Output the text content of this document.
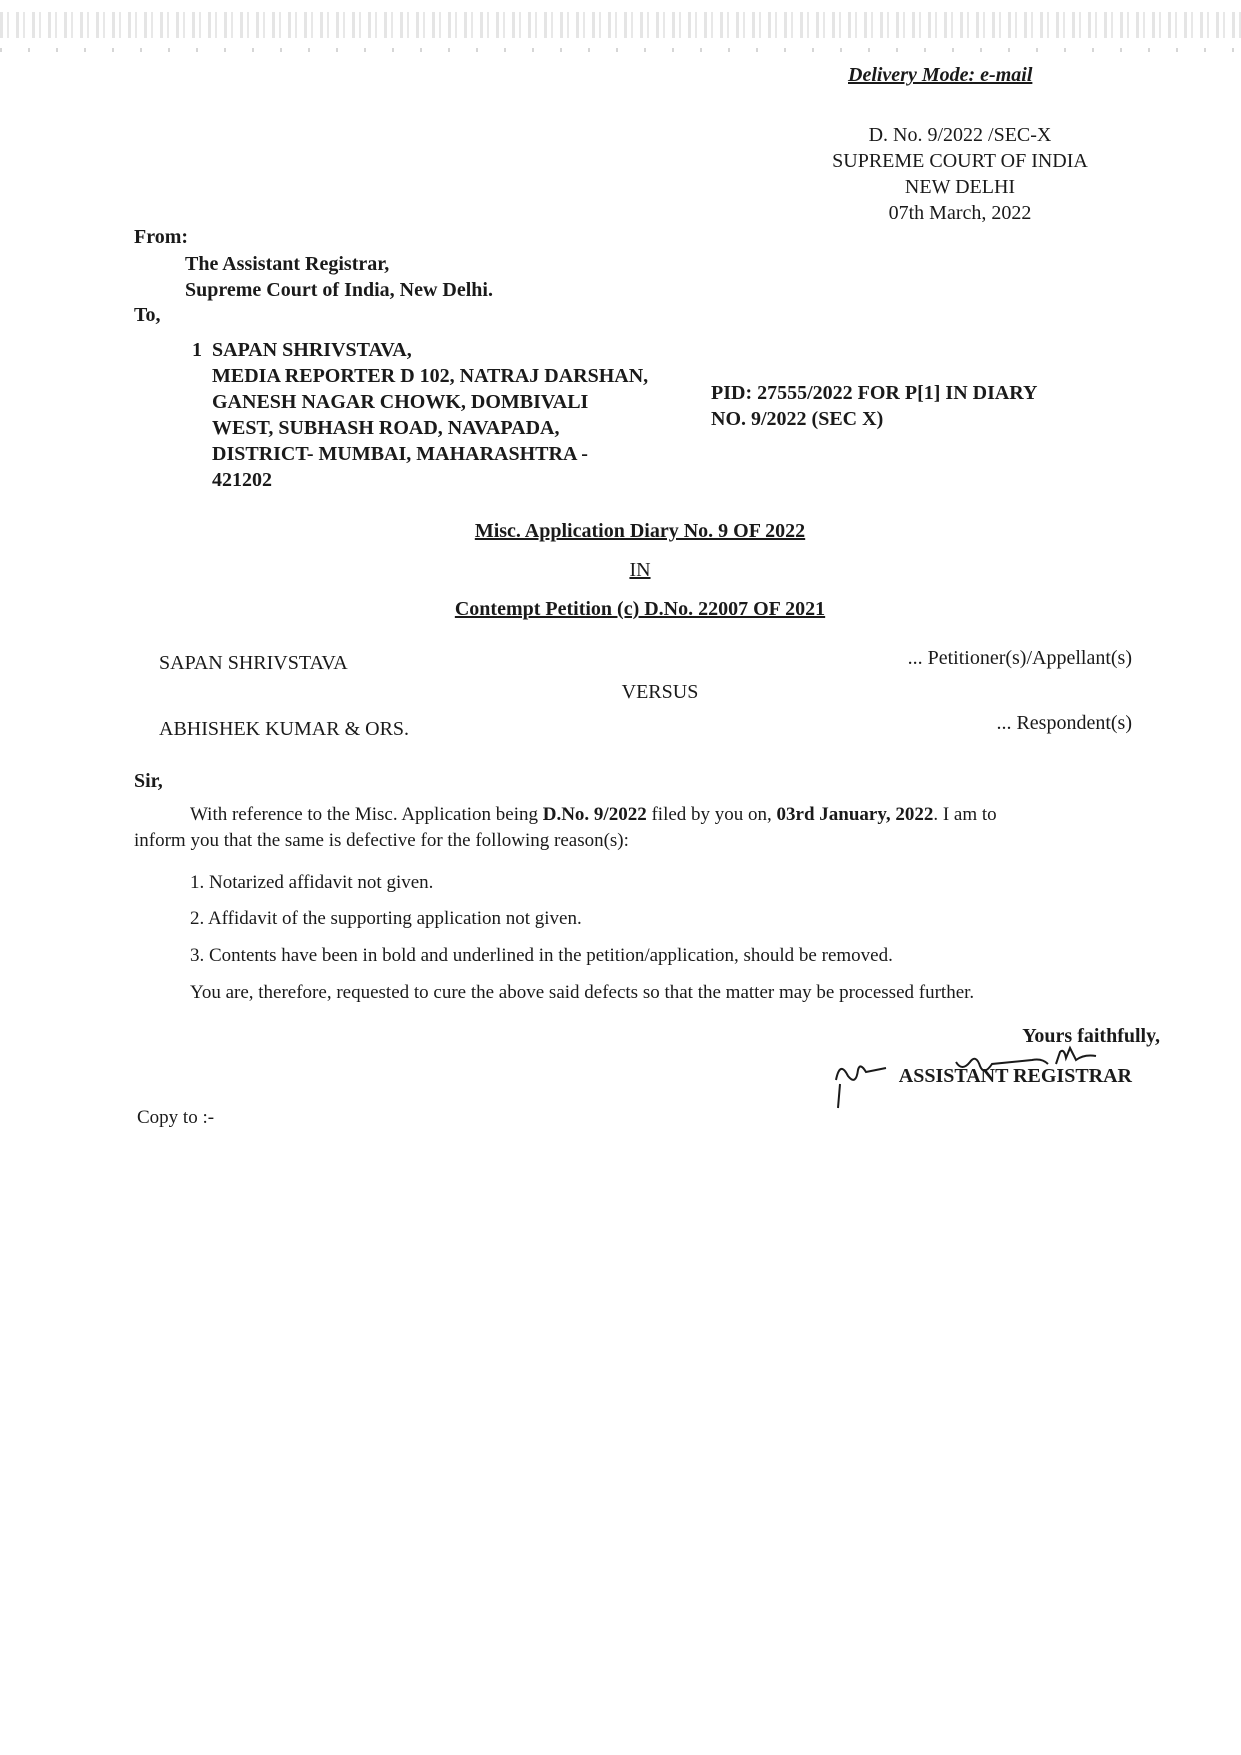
Delivery Mode: e-mail
D. No. 9/2022 /SEC-X
SUPREME COURT OF INDIA
NEW DELHI
07th March, 2022
From:
The Assistant Registrar,
Supreme Court of India, New Delhi.
To,
1 SAPAN SHRIVSTAVA,
MEDIA REPORTER D 102, NATRAJ DARSHAN,
GANESH NAGAR CHOWK, DOMBIVALI
WEST, SUBHASH ROAD, NAVAPADA,
DISTRICT- MUMBAI, MAHARASHTRA -
421202
PID: 27555/2022 FOR P[1] IN DIARY
NO. 9/2022 (SEC X)
Misc. Application Diary No. 9 OF 2022
IN
Contempt Petition (c) D.No. 22007 OF 2021
SAPAN SHRIVSTAVA	... Petitioner(s)/Appellant(s)
VERSUS
ABHISHEK KUMAR & ORS.	... Respondent(s)
Sir,
With reference to the Misc. Application being D.No. 9/2022 filed by you on, 03rd January, 2022. I am to
inform you that the same is defective for the following reason(s):
1. Notarized affidavit not given.
2. Affidavit of the supporting application not given.
3. Contents have been in bold and underlined in the petition/application, should be removed.
You are, therefore, requested to cure the above said defects so that the matter may be processed further.
Yours faithfully,
ASSISTANT REGISTRAR
Copy to :-
